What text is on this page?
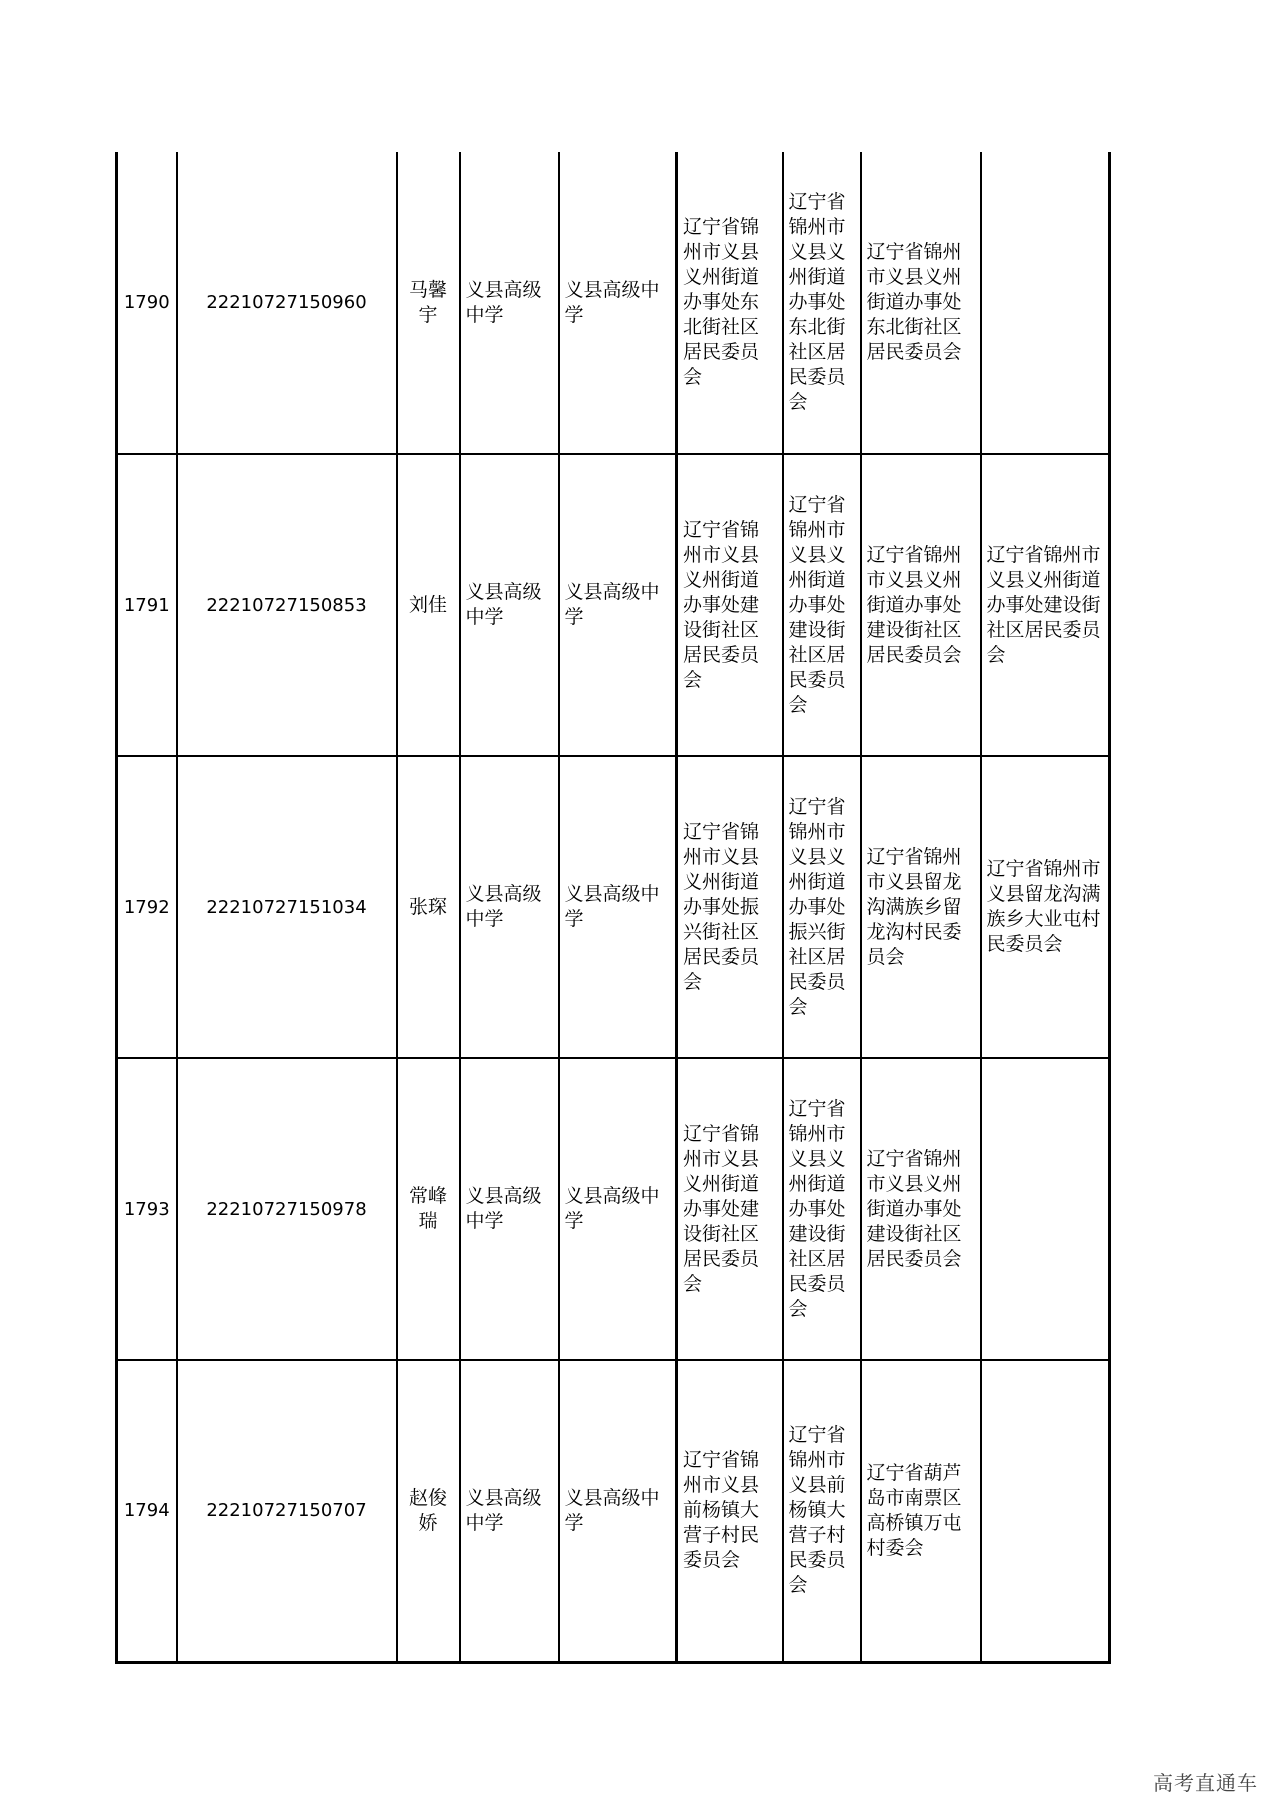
1790	22210727150960	马馨宇	义县高级中学	义县高级中学	辽宁省锦州市义县义州街道办事处东北街社区居民委员会	辽宁省锦州市义县义州街道办事处东北街社区居民委员会	辽宁省锦州市义县义州街道办事处东北街社区居民委员会	
1791	22210727150853	刘佳	义县高级中学	义县高级中学	辽宁省锦州市义县义州街道办事处建设街社区居民委员会	辽宁省锦州市义县义州街道办事处建设街社区居民委员会	辽宁省锦州市义县义州街道办事处建设街社区居民委员会	辽宁省锦州市义县义州街道办事处建设街社区居民委员会
1792	22210727151034	张琛	义县高级中学	义县高级中学	辽宁省锦州市义县义州街道办事处振兴街社区居民委员会	辽宁省锦州市义县义州街道办事处振兴街社区居民委员会	辽宁省锦州市义县留龙沟满族乡留龙沟村民委员会	辽宁省锦州市义县留龙沟满族乡大业屯村民委员会
1793	22210727150978	常峰瑞	义县高级中学	义县高级中学	辽宁省锦州市义县义州街道办事处建设街社区居民委员会	辽宁省锦州市义县义州街道办事处建设街社区居民委员会	辽宁省锦州市义县义州街道办事处建设街社区居民委员会	
1794	22210727150707	赵俊娇	义县高级中学	义县高级中学	辽宁省锦州市义县前杨镇大营子村民委员会	辽宁省锦州市义县前杨镇大营子村民委员会	辽宁省葫芦岛市南票区高桥镇万屯村委会	
高考直通车
